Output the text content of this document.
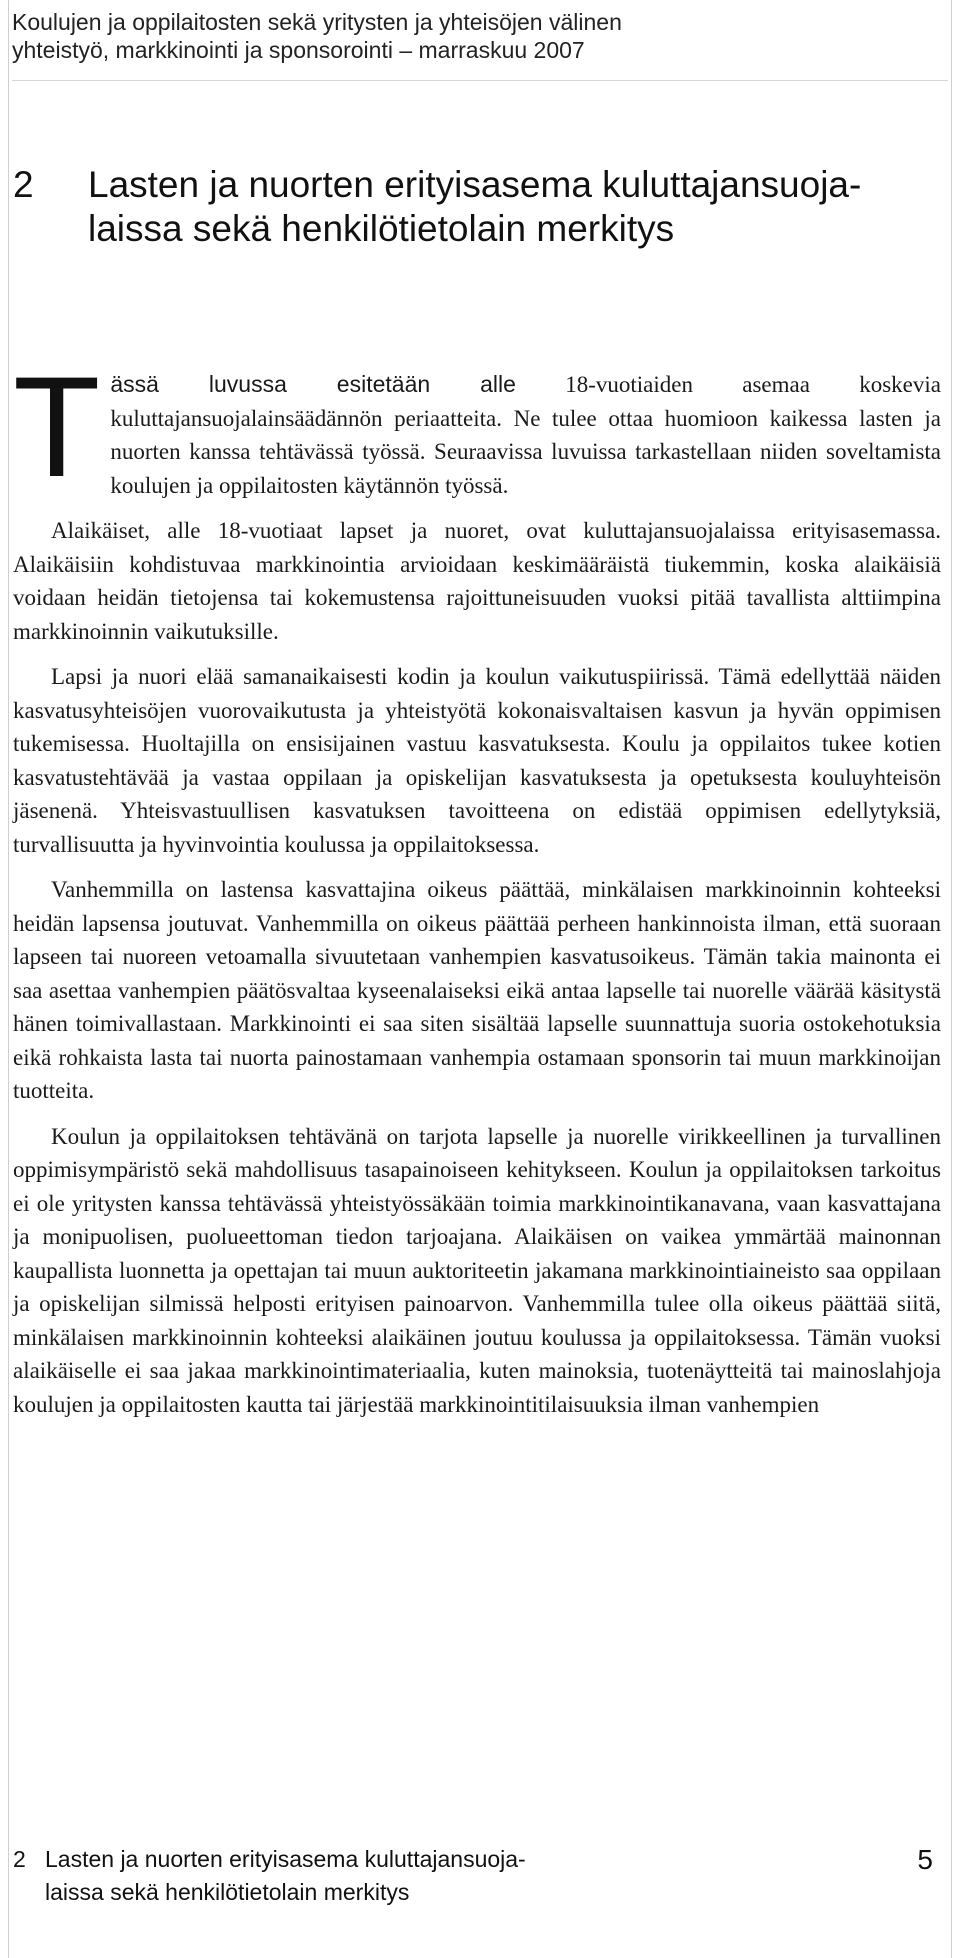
Koulujen ja oppilaitosten sekä yritysten ja yhteisöjen välinen
yhteistyö, markkinointi ja sponsorointi – marraskuu 2007
2 Lasten ja nuorten erityisasema kuluttajansuoja-
laissa sekä henkilötietolain merkitys

Tässä luvussa esitetään alle 18-vuotiaiden asemaa koskevia kuluttajansuojalainsäädännön periaatteita. Ne tulee ottaa huomioon kaikessa lasten ja nuorten kanssa tehtävässä työssä. Seuraavissa luvuissa tarkastellaan niiden soveltamista koulujen ja oppilaitosten käytännön työssä.

Alaikäiset, alle 18-vuotiaat lapset ja nuoret, ovat kuluttajansuojalaissa erityisasemassa. Alaikäisiin kohdistuvaa markkinointia arvioidaan keskimääräistä tiukemmin, koska alaikäisiä voidaan heidän tietojensa tai kokemustensa rajoittuneisuuden vuoksi pitää tavallista alttiimpina markkinoinnin vaikutuksille.

Lapsi ja nuori elää samanaikaisesti kodin ja koulun vaikutuspiirissä. Tämä edellyttää näiden kasvatusyhteisöjen vuorovaikutusta ja yhteistyötä kokonaisvaltaisen kasvun ja hyvän oppimisen tukemisessa. Huoltajilla on ensisijainen vastuu kasvatuksesta. Koulu ja oppilaitos tukee kotien kasvatustehtävää ja vastaa oppilaan ja opiskelijan kasvatuksesta ja opetuksesta kouluyhteisön jäsenenä. Yhteisvastuullisen kasvatuksen tavoitteena on edistää oppimisen edellytyksiä, turvallisuutta ja hyvinvointia koulussa ja oppilaitoksessa.

Vanhemmilla on lastensa kasvattajina oikeus päättää, minkälaisen markkinoinnin kohteeksi heidän lapsensa joutuvat. Vanhemmilla on oikeus päättää perheen hankinnoista ilman, että suoraan lapseen tai nuoreen vetoamalla sivuutetaan vanhempien kasvatusoikeus. Tämän takia mainonta ei saa asettaa vanhempien päätösvaltaa kyseenalaiseksi eikä antaa lapselle tai nuorelle väärää käsitystä hänen toimivallastaan. Markkinointi ei saa siten sisältää lapselle suunnattuja suoria ostokehotuksia eikä rohkaista lasta tai nuorta painostamaan vanhempia ostamaan sponsorin tai muun markkinoijan tuotteita.

Koulun ja oppilaitoksen tehtävänä on tarjota lapselle ja nuorelle virikkeellinen ja turvallinen oppimisympäristö sekä mahdollisuus tasapainoiseen kehitykseen. Koulun ja oppilaitoksen tarkoitus ei ole yritysten kanssa tehtävässä yhteistyössäkään toimia markkinointikanavana, vaan kasvattajana ja monipuolisen, puolueettoman tiedon tarjoajana. Alaikäisen on vaikea ymmärtää mainonnan kaupallista luonnetta ja opettajan tai muun auktoriteetin jakamana markkinointiaineisto saa oppilaan ja opiskelijan silmissä helposti erityisen painoarvon. Vanhemmilla tulee olla oikeus päättää siitä, minkälaisen markkinoinnin kohteeksi alaikäinen joutuu koulussa ja oppilaitoksessa. Tämän vuoksi alaikäiselle ei saa jakaa markkinointimateriaalia, kuten mainoksia, tuotenäytteitä tai mainoslahjoja koulujen ja oppilaitosten kautta tai järjestää markkinointitilaisuuksia ilman vanhempien

2 Lasten ja nuorten erityisasema kuluttajansuoja-
laissa sekä henkilötietolain merkitys
5
